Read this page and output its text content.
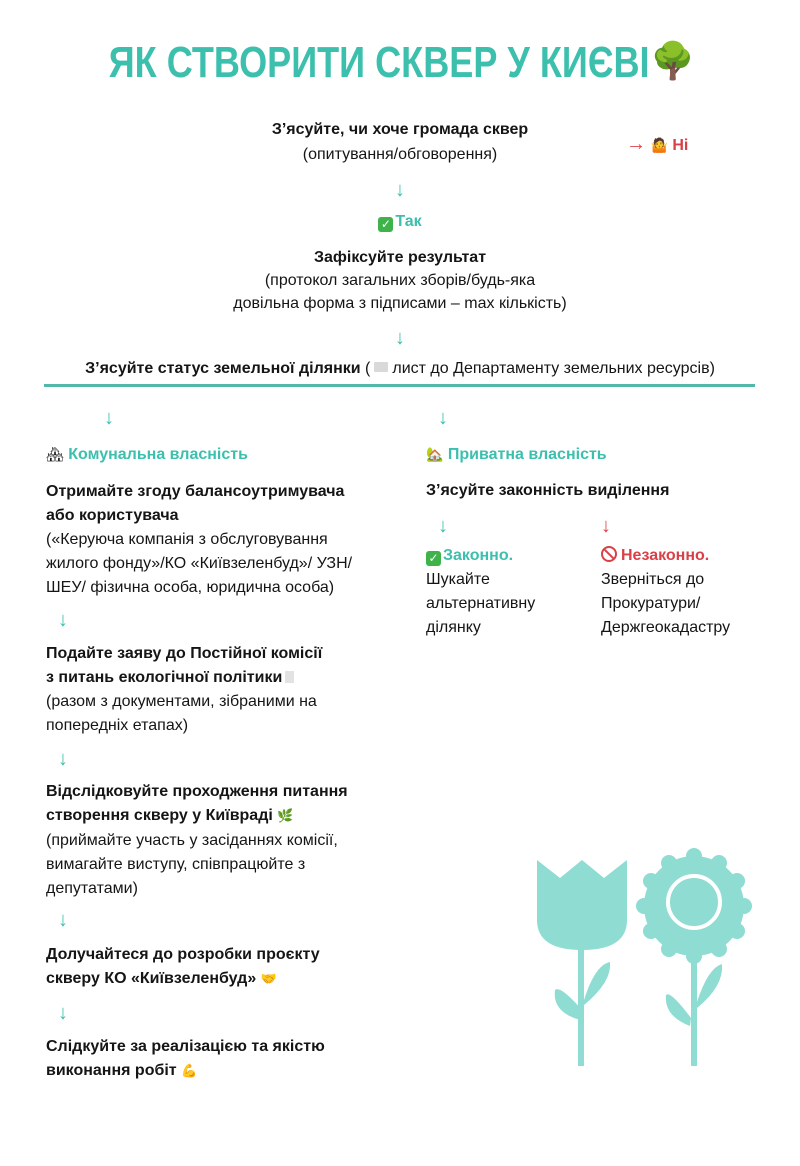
ЯК СТВОРИТИ СКВЕР У КИЄВІ🌳
З’ясуйте, чи хоче громада сквер
(опитування/обговорення)	→ 🤷 Ні
↓
✓ Так
Зафіксуйте результат
(протокол загальних зборів/будь-яка
довільна форма з підписами – max кількість)
↓
З’ясуйте статус земельної ділянки ( лист до Департаменту земельних ресурсів)
↓
🏘 Комунальна власність
Отримайте згоду балансоутримувача
або користувача
(«Керуюча компанія з обслуговування
жилого фонду»/КО «Київзеленбуд»/ УЗН/
ШЕУ/ фізична особа, юридична особа)
↓
Подайте заяву до Постійної комісії
з питань екологічної політики
(разом з документами, зібраними на
попередніх етапах)
↓
Відслідковуйте проходження питання
створення скверу у Київраді 🌿
(приймайте участь у засіданнях комісії,
вимагайте виступу, співпрацюйте з
депутатами)
↓
Долучайтеся до розробки проєкту
скверу КО «Київзеленбуд» 🤝
↓
Слідкуйте за реалізацією та якістю
виконання робіт 💪
↓
🏡 Приватна власність
З’ясуйте законність виділення
↓	↓
✓ Законно.
Шукайте
альтернативну
ділянку
Незаконно.
Зверніться до
Прокуратури/
Держгеокадастру
